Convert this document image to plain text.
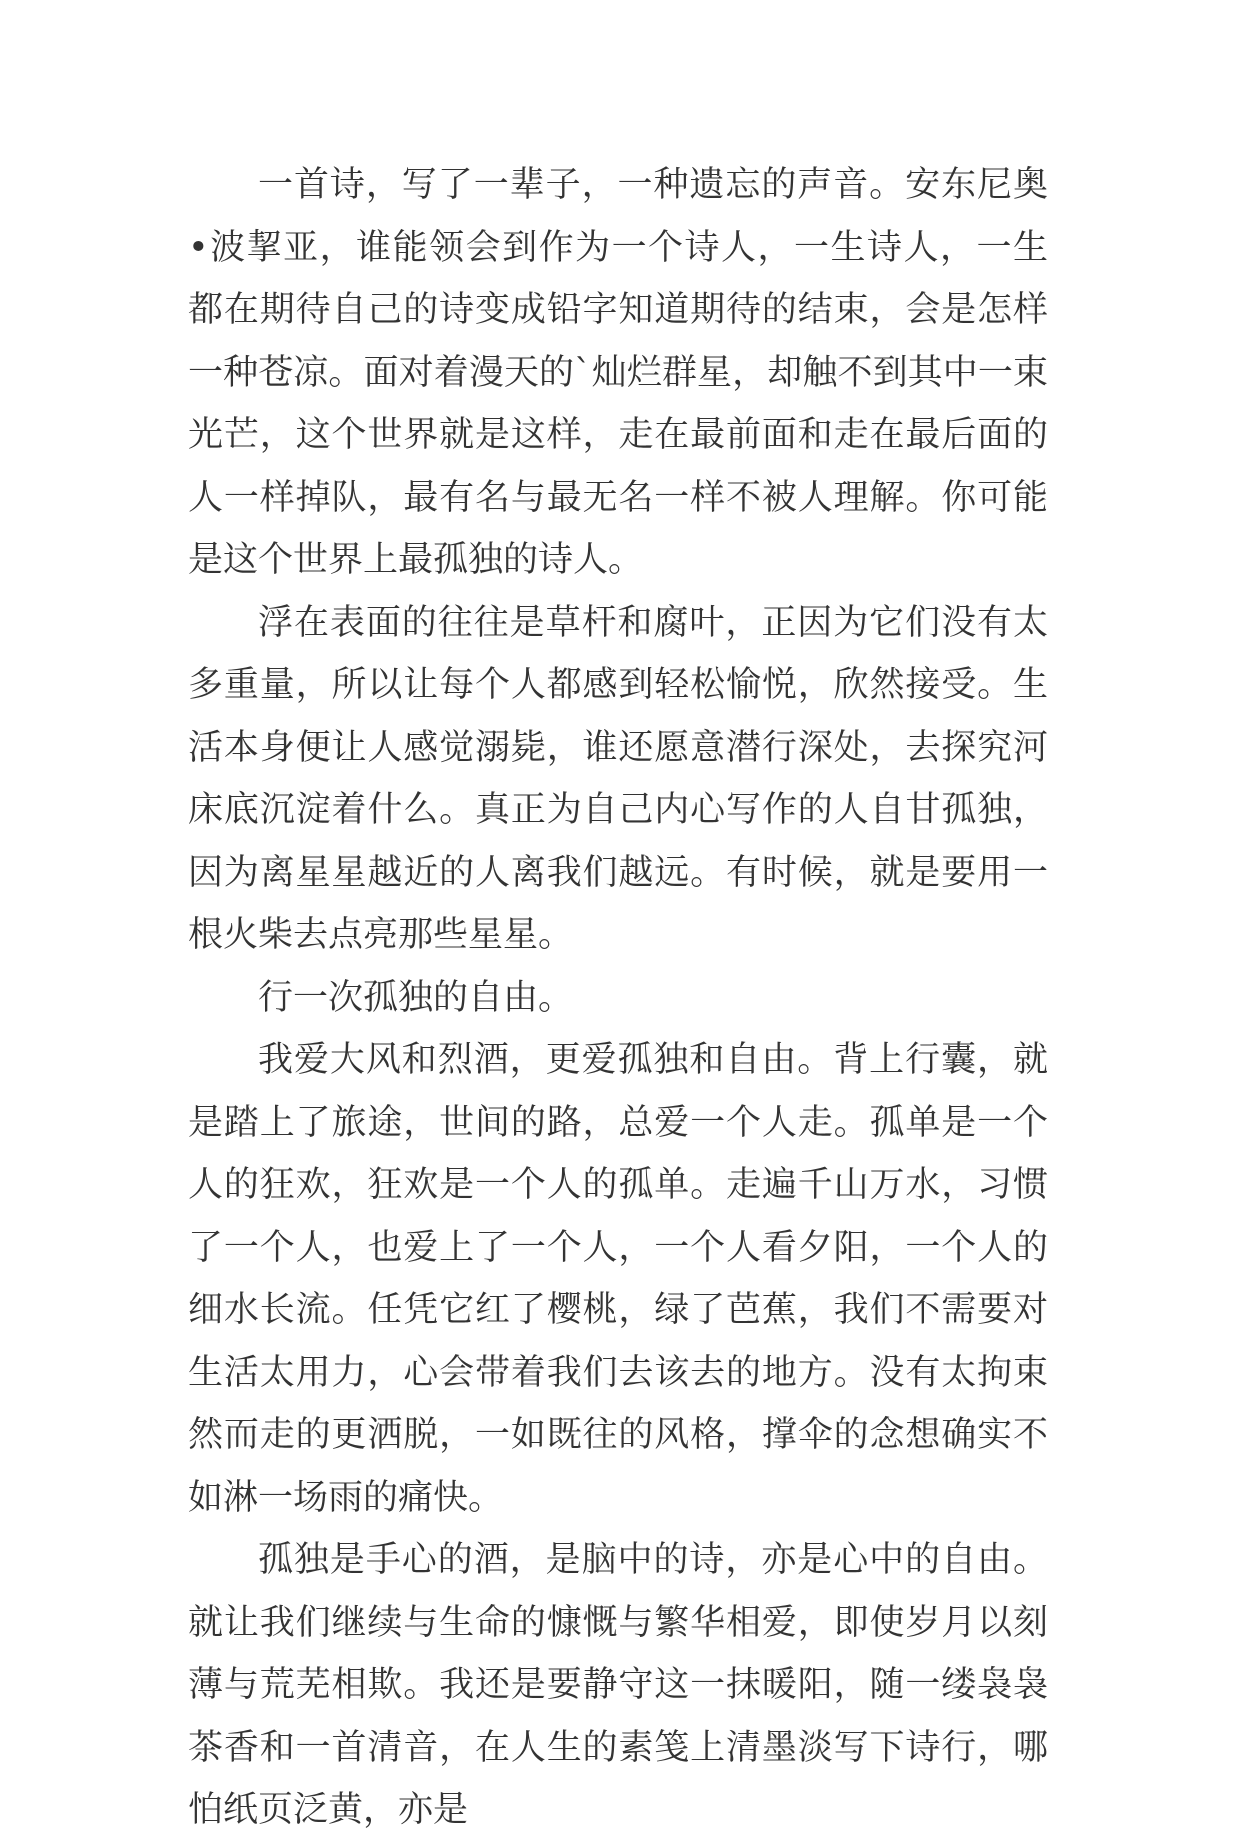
一首诗，写了一辈子，一种遗忘的声音。安东尼奥•波挈亚，谁能领会到作为一个诗人，一生诗人，一生都在期待自己的诗变成铅字知道期待的结束，会是怎样一种苍凉。面对着漫天的`灿烂群星，却触不到其中一束光芒，这个世界就是这样，走在最前面和走在最后面的人一样掉队，最有名与最无名一样不被人理解。你可能是这个世界上最孤独的诗人。

浮在表面的往往是草杆和腐叶，正因为它们没有太多重量，所以让每个人都感到轻松愉悦，欣然接受。生活本身便让人感觉溺毙，谁还愿意潜行深处，去探究河床底沉淀着什么。真正为自己内心写作的人自甘孤独，因为离星星越近的人离我们越远。有时候，就是要用一根火柴去点亮那些星星。

行一次孤独的自由。

我爱大风和烈酒，更爱孤独和自由。背上行囊，就是踏上了旅途，世间的路，总爱一个人走。孤单是一个人的狂欢，狂欢是一个人的孤单。走遍千山万水，习惯了一个人，也爱上了一个人，一个人看夕阳，一个人的细水长流。任凭它红了樱桃，绿了芭蕉，我们不需要对生活太用力，心会带着我们去该去的地方。没有太拘束然而走的更洒脱，一如既往的风格，撑伞的念想确实不如淋一场雨的痛快。

孤独是手心的酒，是脑中的诗，亦是心中的自由。就让我们继续与生命的慷慨与繁华相爱，即使岁月以刻薄与荒芜相欺。我还是要静守这一抹暖阳，随一缕袅袅茶香和一首清音，在人生的素笺上清墨淡写下诗行，哪怕纸页泛黄，亦是
